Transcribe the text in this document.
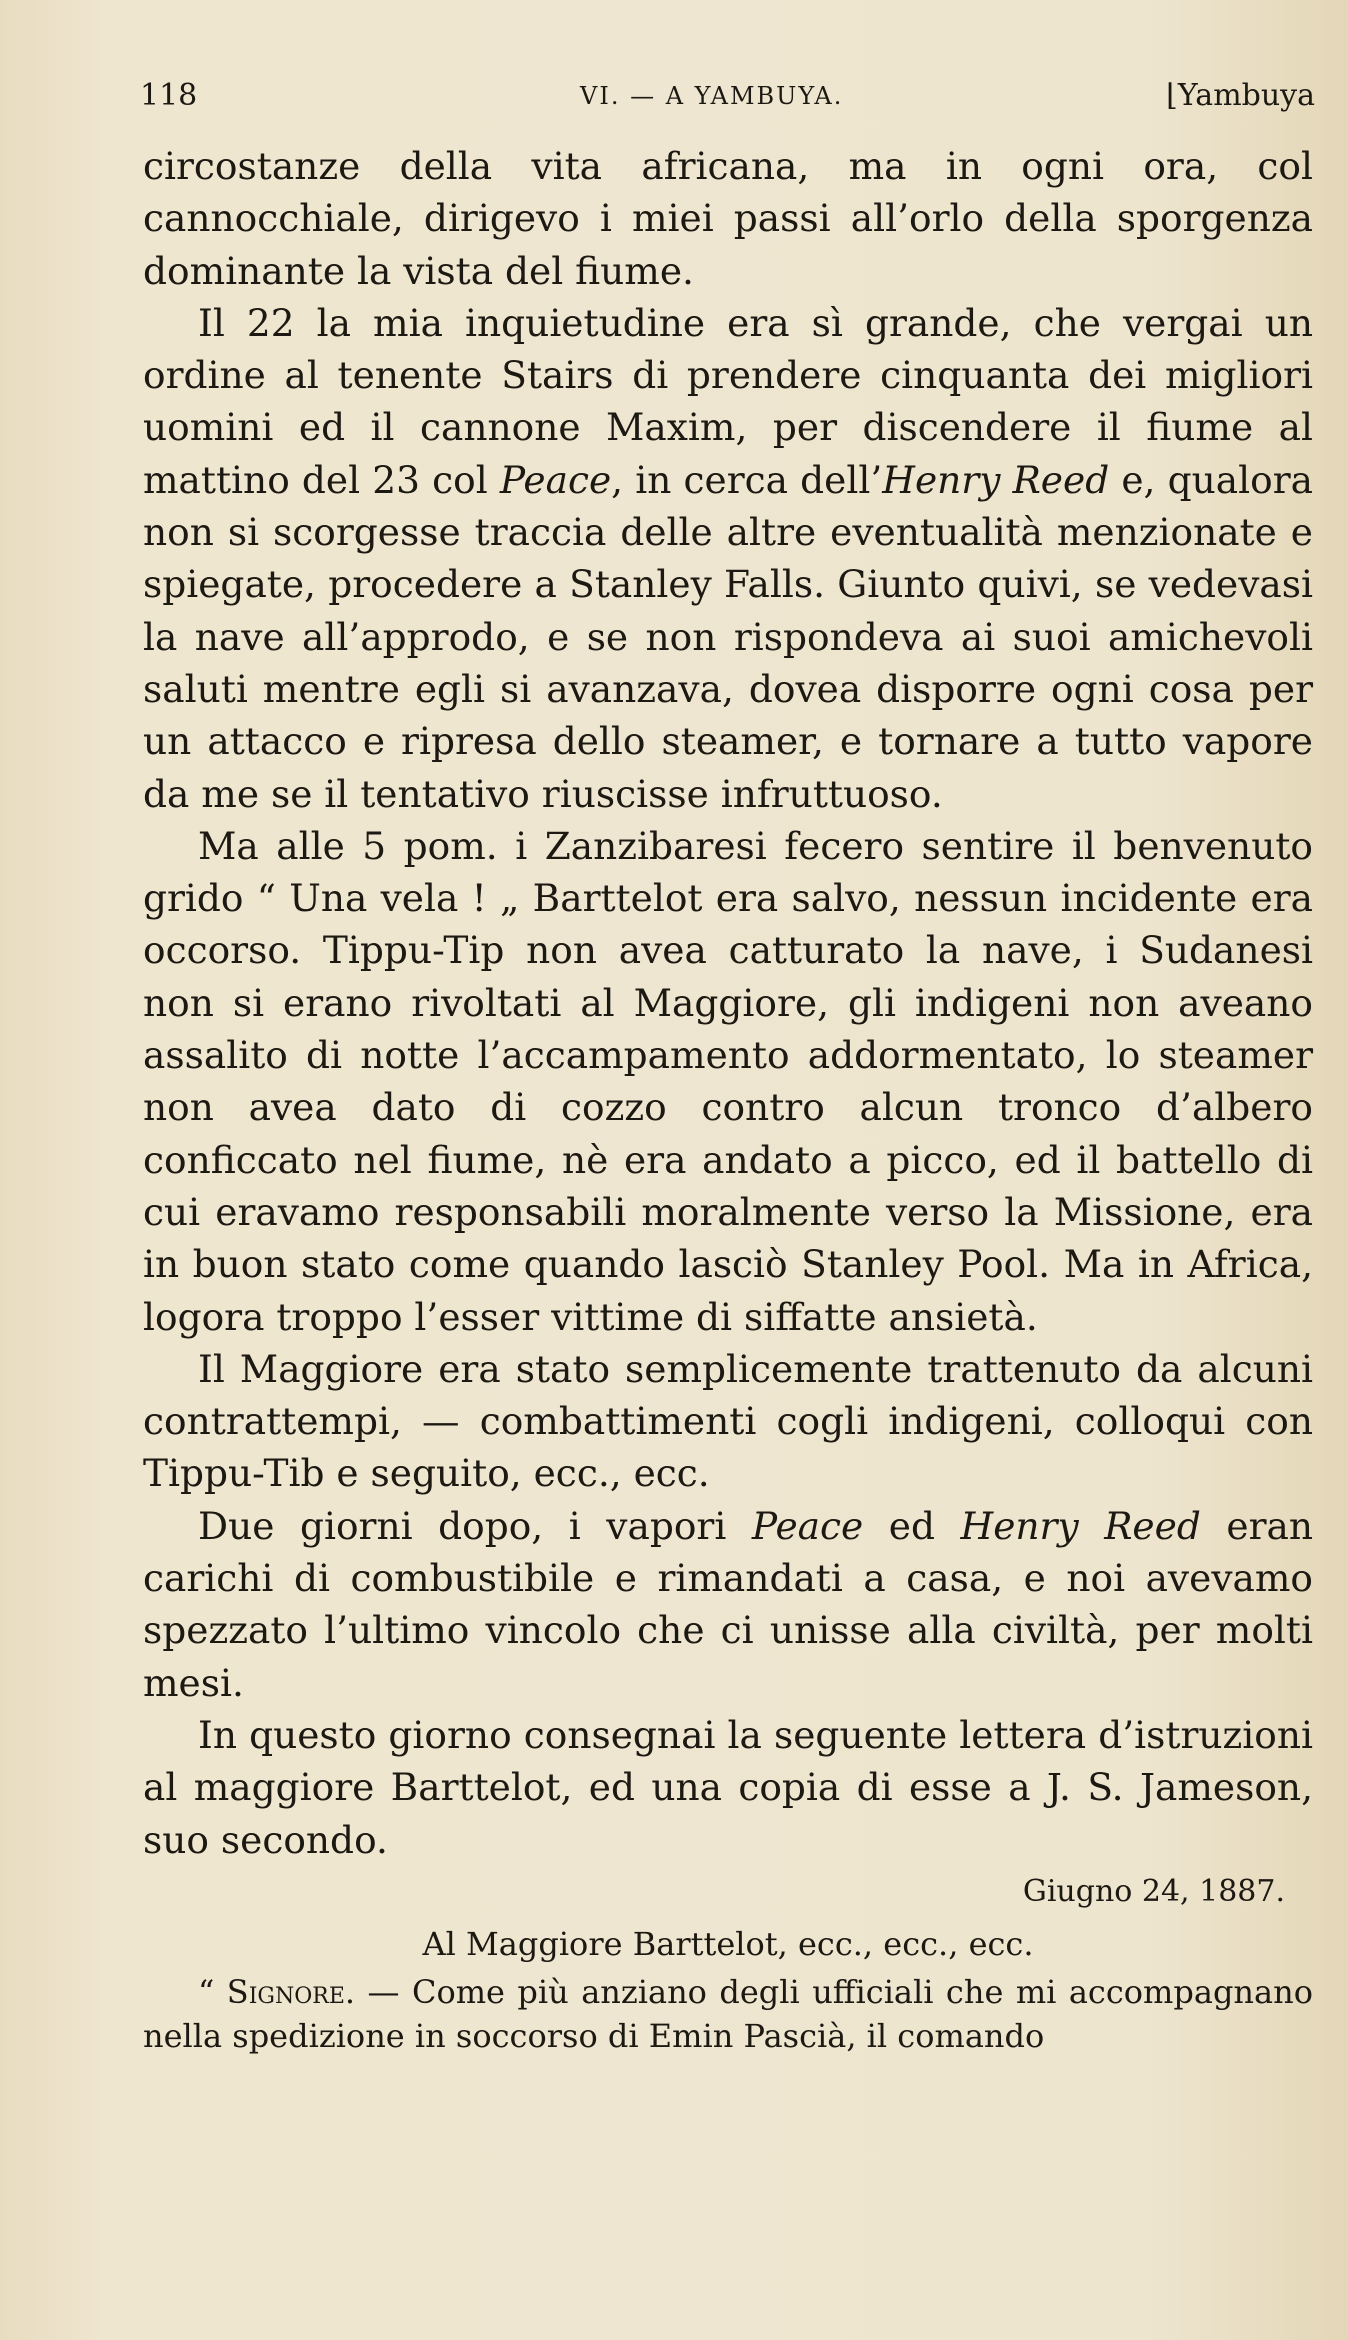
118	VI. — A YAMBUYA.	⌊Yambuya

circostanze della vita africana, ma in ogni ora, col cannocchiale, dirigevo i miei passi all’orlo della sporgenza dominante la vista del fiume.

Il 22 la mia inquietudine era sì grande, che vergai un ordine al tenente Stairs di prendere cinquanta dei migliori uomini ed il cannone Maxim, per discendere il fiume al mattino del 23 col Peace, in cerca dell’Henry Reed e, qualora non si scorgesse traccia delle altre eventualità menzionate e spiegate, procedere a Stanley Falls. Giunto quivi, se vedevasi la nave all’approdo, e se non rispondeva ai suoi amichevoli saluti mentre egli si avanzava, dovea disporre ogni cosa per un attacco e ripresa dello steamer, e tornare a tutto vapore da me se il tentativo riuscisse infruttuoso.

Ma alle 5 pom. i Zanzibaresi fecero sentire il benvenuto grido “ Una vela ! „ Barttelot era salvo, nessun incidente era occorso. Tippu-Tip non avea catturato la nave, i Sudanesi non si erano rivoltati al Maggiore, gli indigeni non aveano assalito di notte l’accampamento addormentato, lo steamer non avea dato di cozzo contro alcun tronco d’albero conficcato nel fiume, nè era andato a picco, ed il battello di cui eravamo responsabili moralmente verso la Missione, era in buon stato come quando lasciò Stanley Pool. Ma in Africa, logora troppo l’esser vittime di siffatte ansietà.

Il Maggiore era stato semplicemente trattenuto da alcuni contrattempi, — combattimenti cogli indigeni, colloqui con Tippu-Tib e seguito, ecc., ecc.

Due giorni dopo, i vapori Peace ed Henry Reed eran carichi di combustibile e rimandati a casa, e noi avevamo spezzato l’ultimo vincolo che ci unisse alla civiltà, per molti mesi.

In questo giorno consegnai la seguente lettera d’istruzioni al maggiore Barttelot, ed una copia di esse a J. S. Jameson, suo secondo.

Giugno 24, 1887.

Al Maggiore Barttelot, ecc., ecc., ecc.

“ Signore. — Come più anziano degli ufficiali che mi accompagnano nella spedizione in soccorso di Emin Pascià, il comando
